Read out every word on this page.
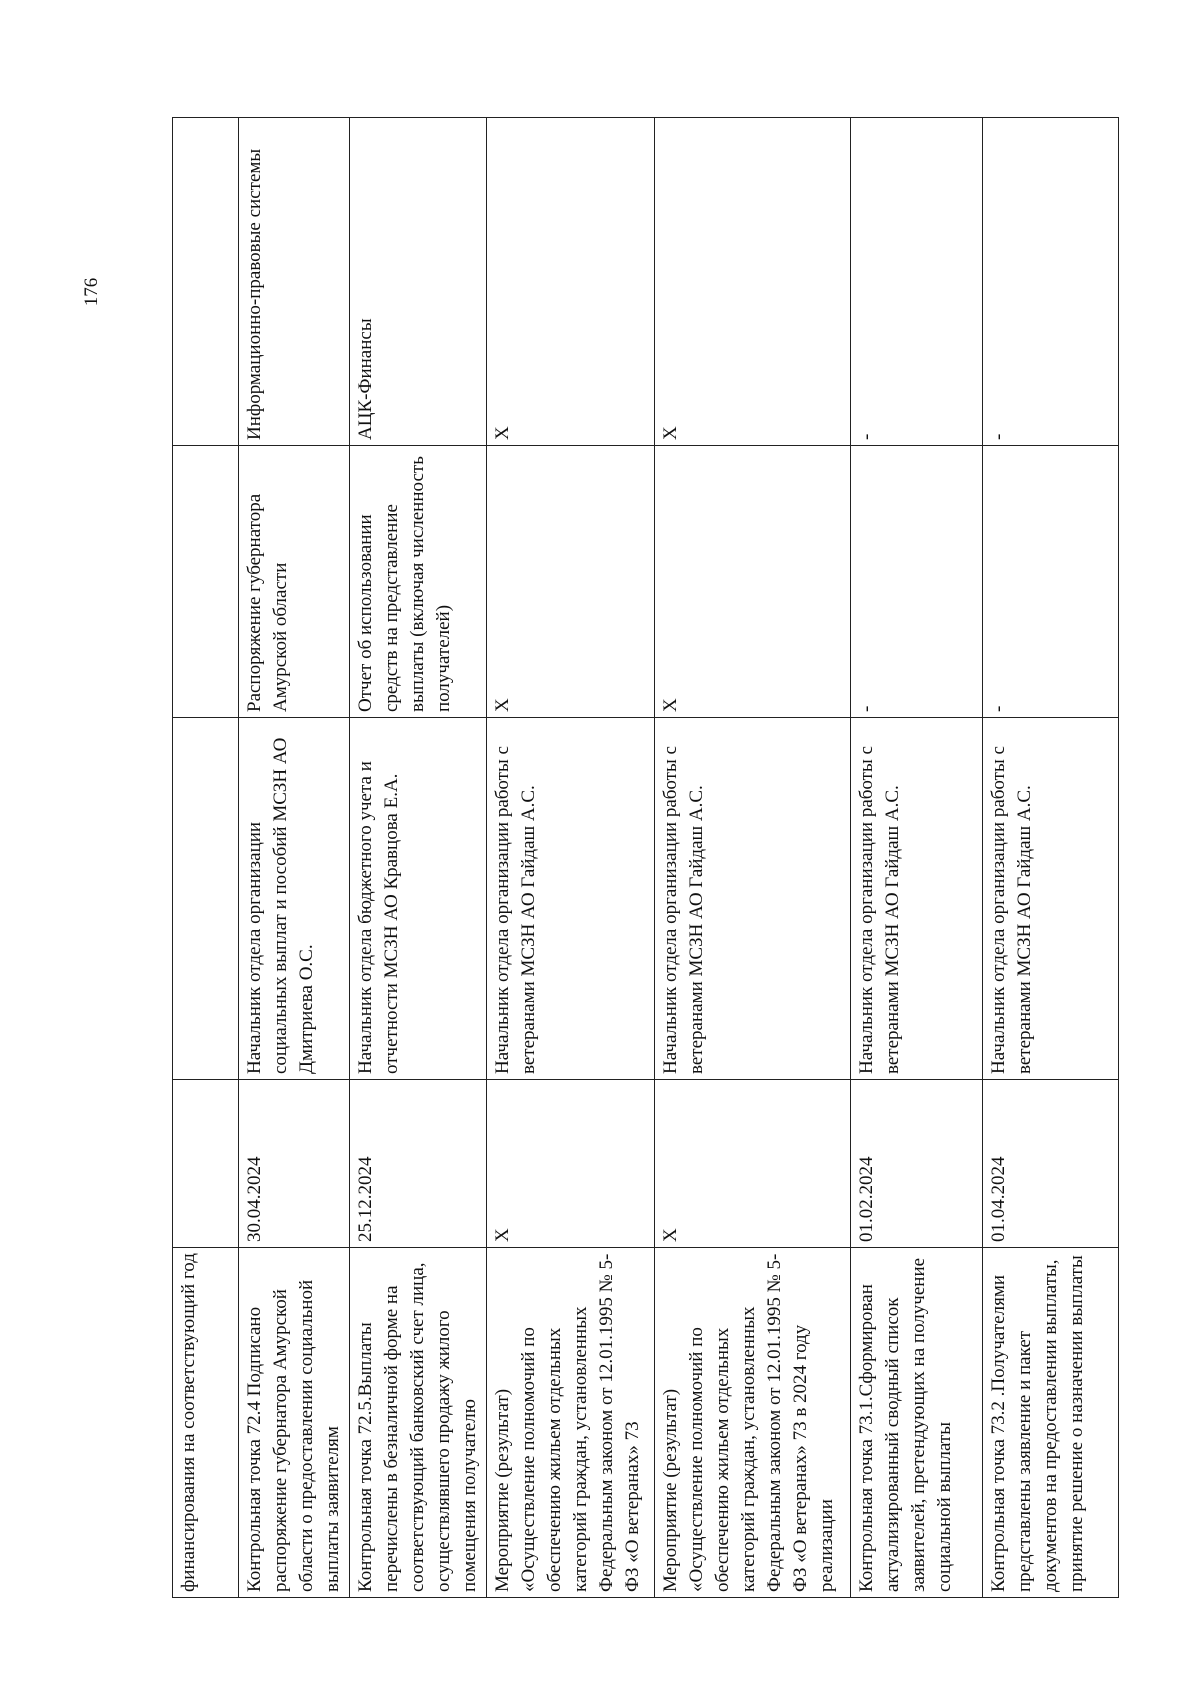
176
финансирования на соответствующий год				
Контрольная точка 72.4 Подписано распоряжение губернатора Амурской области о предоставлении социальной выплаты заявителям	30.04.2024	Начальник отдела организации социальных выплат и пособий МСЗН АО Дмитриева О.С.	Распоряжение губернатора Амурской области	Информационно-правовые системы
Контрольная точка 72.5.Выплаты перечислены в безналичной форме на соответствующий банковский счет лица, осуществлявшего продажу жилого помещения получателю	25.12.2024	Начальник отдела бюджетного учета и отчетности МСЗН АО Кравцова Е.А.	Отчет об использовании средств на представление выплаты (включая численность получателей)	АЦК-Финансы
Мероприятие (результат) «Осуществление полномочий по обеспечению жильем отдельных категорий граждан, установленных Федеральным законом от 12.01.1995 № 5-ФЗ «О ветеранах» 73	X	Начальник отдела организации работы с ветеранами МСЗН АО Гайдаш А.С.	X	X
Мероприятие (результат) «Осуществление полномочий по обеспечению жильем отдельных категорий граждан, установленных Федеральным законом от 12.01.1995 № 5-ФЗ «О ветеранах» 73 в 2024 году реализации	X	Начальник отдела организации работы с ветеранами МСЗН АО Гайдаш А.С.	X	X
Контрольная точка 73.1.Сформирован актуализированный сводный список заявителей, претендующих на получение социальной выплаты	01.02.2024	Начальник отдела организации работы с ветеранами МСЗН АО Гайдаш А.С.	-	-
Контрольная точка 73.2 .Получателями представлены заявление и пакет документов на предоставлении выплаты, принятие решение о назначении выплаты	01.04.2024	Начальник отдела организации работы с ветеранами МСЗН АО Гайдаш А.С.	-	-
